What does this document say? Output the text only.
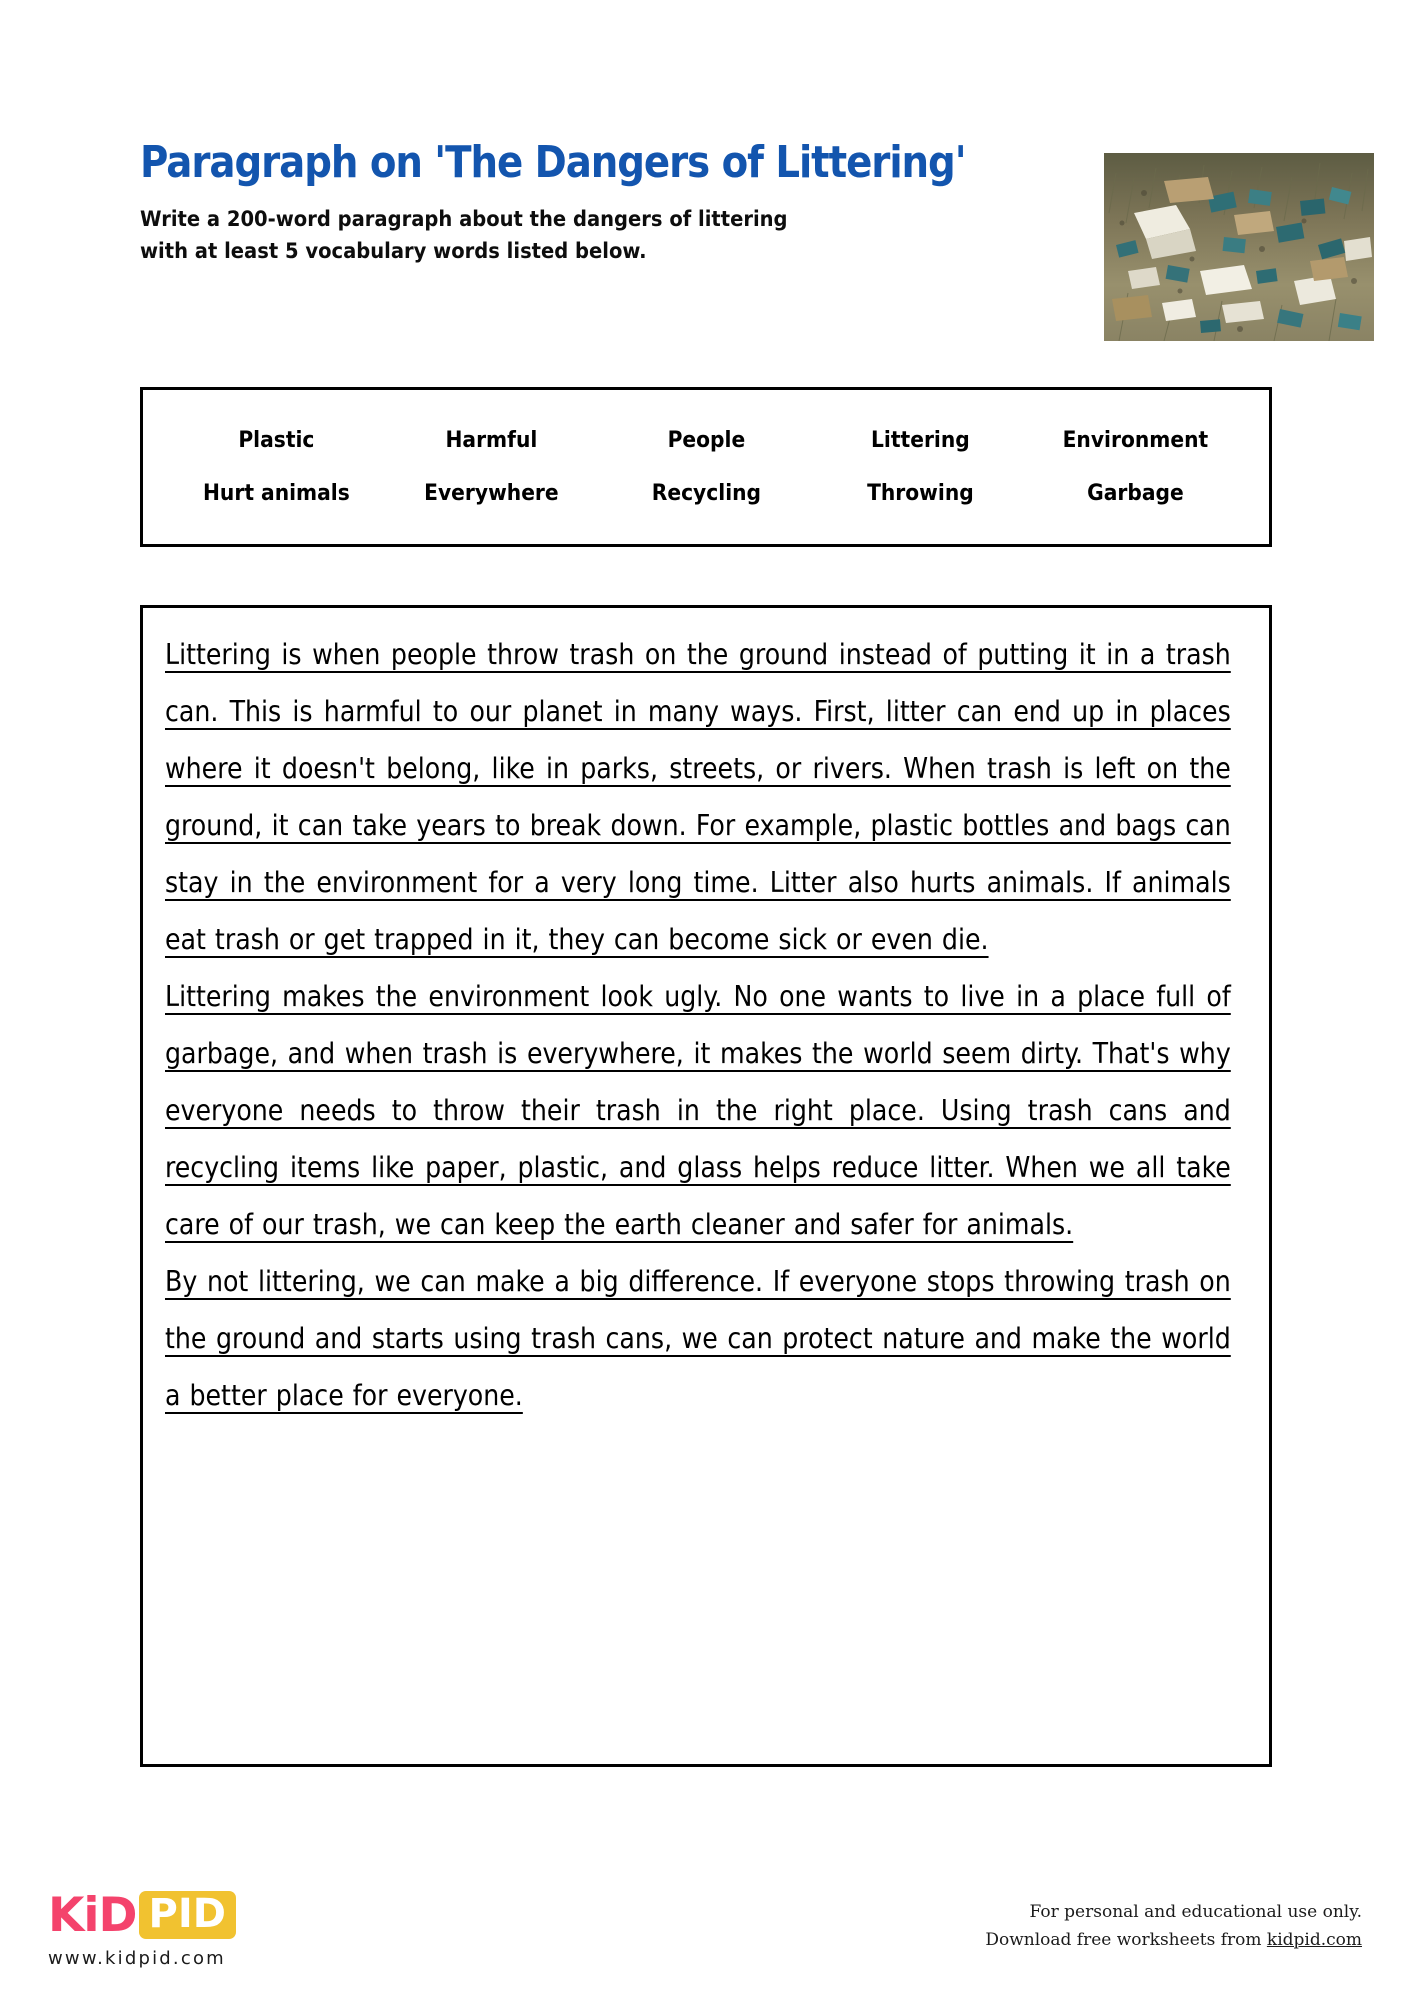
Paragraph on 'The Dangers of Littering'
Write a 200-word paragraph about the dangers of littering
with at least 5 vocabulary words listed below.
Plastic	Harmful	People	Littering	Environment
Hurt animals	Everywhere	Recycling	Throwing	Garbage

Littering is when people throw trash on the ground instead of putting it in a trash can. This is harmful to our planet in many ways. First, litter can end up in places where it doesn't belong, like in parks, streets, or rivers. When trash is left on the ground, it can take years to break down. For example, plastic bottles and bags can stay in the environment for a very long time. Litter also hurts animals. If animals eat trash or get trapped in it, they can become sick or even die.

Littering makes the environment look ugly. No one wants to live in a place full of garbage, and when trash is everywhere, it makes the world seem dirty. That's why everyone needs to throw their trash in the right place. Using trash cans and recycling items like paper, plastic, and glass helps reduce litter. When we all take care of our trash, we can keep the earth cleaner and safer for animals.

By not littering, we can make a big difference. If everyone stops throwing trash on the ground and starts using trash cans, we can protect nature and make the world a better place for everyone.

KiD PID
www.kidpid.com
For personal and educational use only.
Download free worksheets from kidpid.com
